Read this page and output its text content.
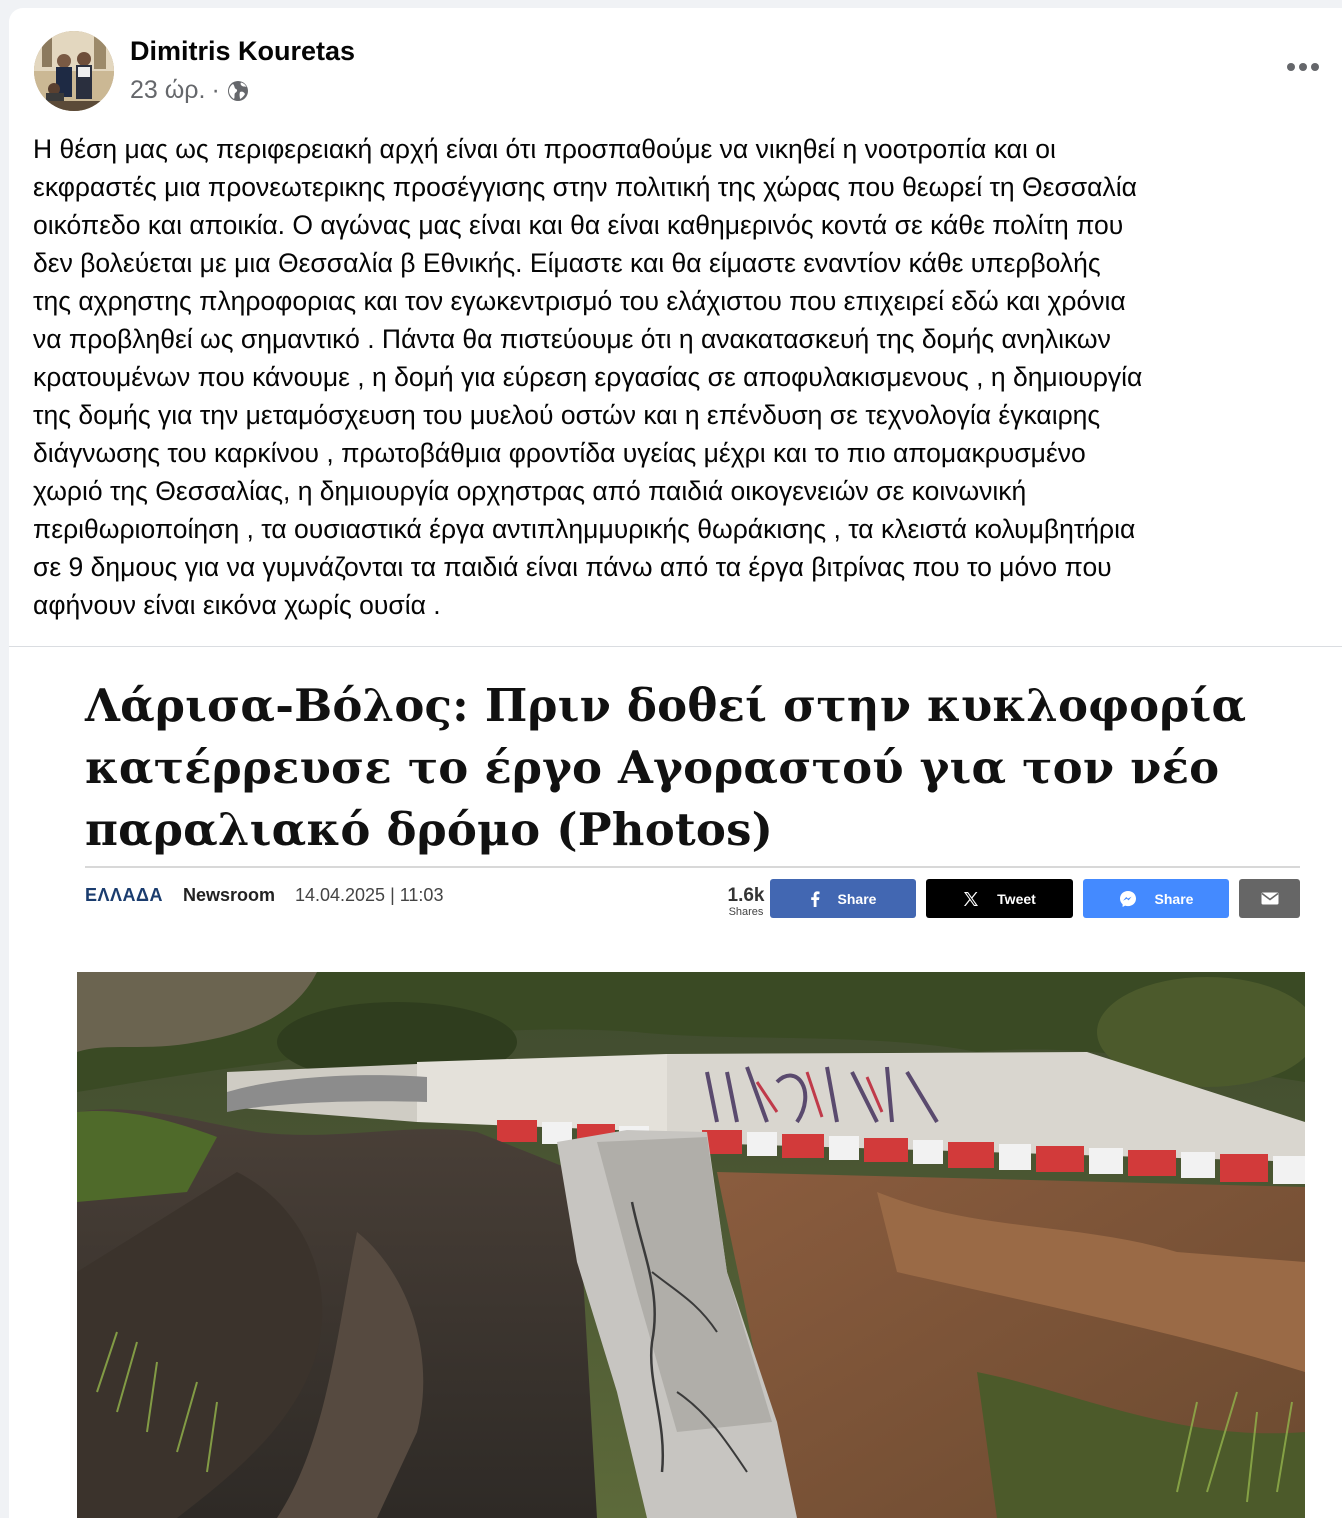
Dimitris Kouretas
23 ώρ. ·
Η θέση μας ως περιφερειακή αρχή είναι ότι προσπαθούμε να νικηθεί η νοοτροπία και οι
εκφραστές μια προνεωτερικης προσέγγισης στην πολιτική της χώρας που θεωρεί τη Θεσσαλία
οικόπεδο και αποικία. Ο αγώνας μας είναι και θα είναι καθημερινός κοντά σε κάθε πολίτη που
δεν βολεύεται με μια Θεσσαλία β Εθνικής. Είμαστε και θα είμαστε εναντίον κάθε υπερβολής
της αχρηστης πληροφοριας και τον εγωκεντρισμό του ελάχιστου που επιχειρεί εδώ και χρόνια
να προβληθεί ως σημαντικό . Πάντα θα πιστεύουμε ότι η ανακατασκευή της δομής ανηλικων
κρατουμένων που κάνουμε , η δομή για εύρεση εργασίας σε αποφυλακισμενους , η δημιουργία
της δομής για την μεταμόσχευση του μυελού οστών και η επένδυση σε τεχνολογία έγκαιρης
διάγνωσης του καρκίνου , πρωτοβάθμια φροντίδα υγείας μέχρι και το πιο απομακρυσμένο
χωριό της Θεσσαλίας, η δημιουργία ορχηστρας από παιδιά οικογενειών σε κοινωνική
περιθωριοποίηση , τα ουσιαστικά έργα αντιπλημμυρικής θωράκισης , τα κλειστά κολυμβητήρια
σε 9 δημους για να γυμνάζονται τα παιδιά είναι πάνω από τα έργα βιτρίνας που το μόνο που
αφήνουν είναι εικόνα χωρίς ουσία .
Λάρισα-Βόλος: Πριν δοθεί στην κυκλοφορία
κατέρρευσε το έργο Αγοραστού για τον νέο
παραλιακό δρόμο (Photos)
ΕΛΛΑΔΑ Newsroom 14.04.2025 | 11:03	1.6k
Shares
Share	Tweet	Share
